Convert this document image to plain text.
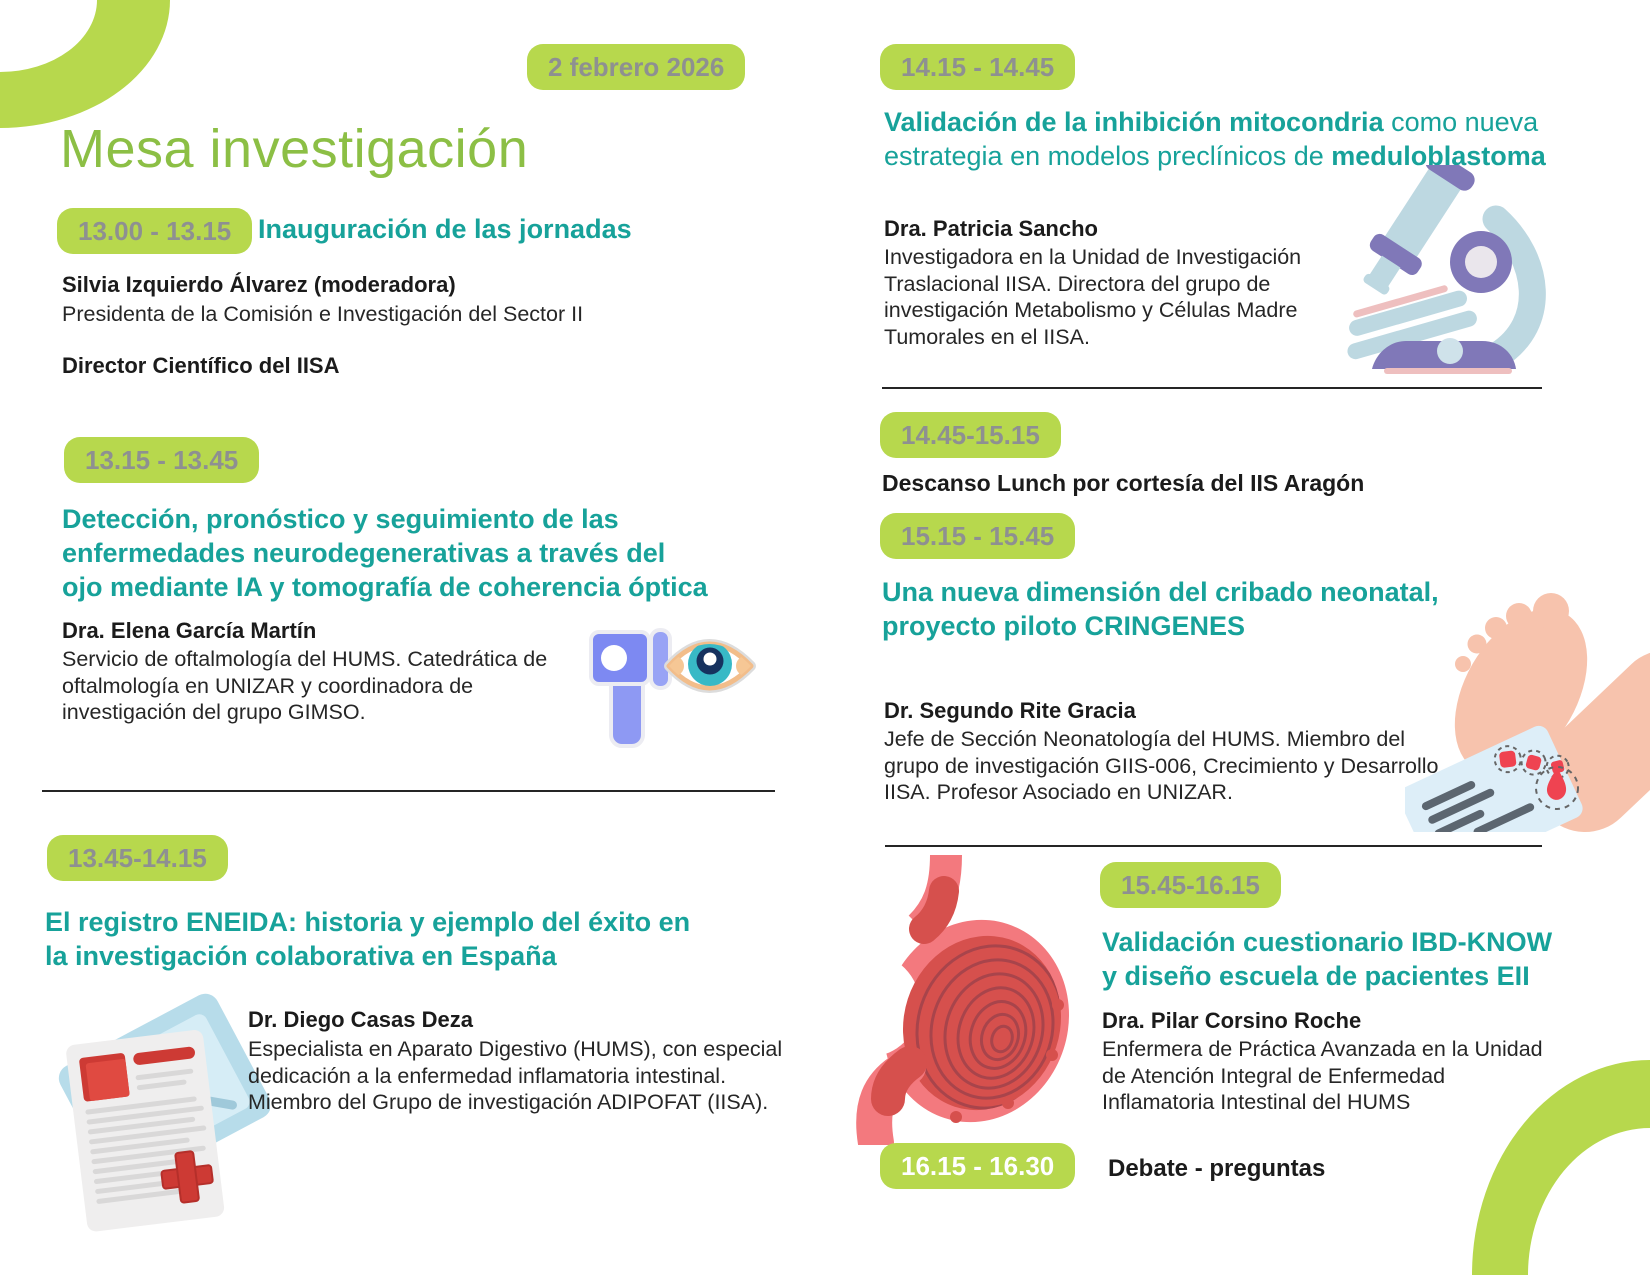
2 febrero 2026
Mesa investigación
13.00 - 13.15 Inauguración de las jornadas
Silvia Izquierdo Álvarez (moderadora)
Presidenta de la Comisión e Investigación del Sector II
Director Científico del IISA
13.15 - 13.45
Detección, pronóstico y seguimiento de las
enfermedades neurodegenerativas a través del
ojo mediante IA y tomografía de coherencia óptica
Dra. Elena García Martín
Servicio de oftalmología del HUMS. Catedrática de
oftalmología en UNIZAR y coordinadora de
investigación del grupo GIMSO.
13.45-14.15
El registro ENEIDA: historia y ejemplo del éxito en
la investigación colaborativa en España
Dr. Diego Casas Deza
Especialista en Aparato Digestivo (HUMS), con especial
dedicación a la enfermedad inflamatoria intestinal.
Miembro del Grupo de investigación ADIPOFAT (IISA).
14.15 - 14.45
Validación de la inhibición mitocondria como nueva
estrategia en modelos preclínicos de meduloblastoma
Dra. Patricia Sancho
Investigadora en la Unidad de Investigación
Traslacional IISA. Directora del grupo de
investigación Metabolismo y Células Madre
Tumorales en el IISA.
14.45-15.15
Descanso Lunch por cortesía del IIS Aragón
15.15 - 15.45
Una nueva dimensión del cribado neonatal,
proyecto piloto CRINGENES
Dr. Segundo Rite Gracia
Jefe de Sección Neonatología del HUMS. Miembro del
grupo de investigación GIIS-006, Crecimiento y Desarrollo
IISA. Profesor Asociado en UNIZAR.
15.45-16.15
Validación cuestionario IBD-KNOW
y diseño escuela de pacientes EII
Dra. Pilar Corsino Roche
Enfermera de Práctica Avanzada en la Unidad
de Atención Integral de Enfermedad
Inflamatoria Intestinal del HUMS
16.15 - 16.30	Debate - preguntas
